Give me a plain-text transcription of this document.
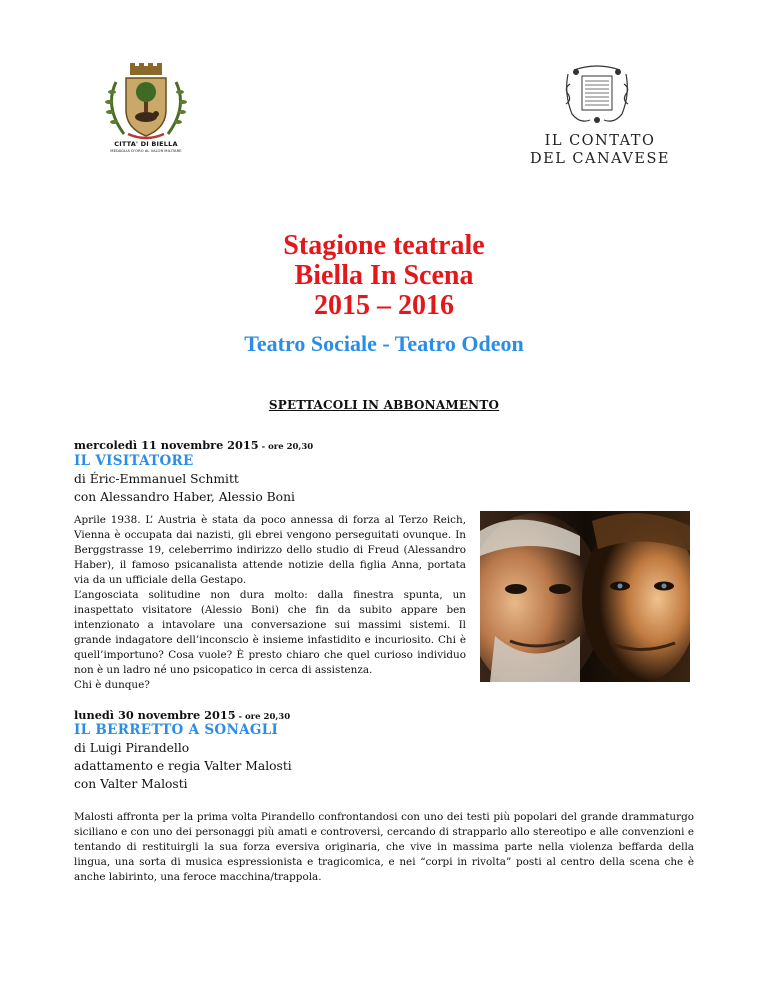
CITTA' DI BIELLA
MEDAGLIA D'ORO AL VALOR MILITARE
IL CONTATO
DEL CANAVESE
Stagione teatrale
Biella In Scena
2015 – 2016
Teatro Sociale - Teatro Odeon
SPETTACOLI IN ABBONAMENTO
mercoledì 11 novembre 2015 - ore 20,30
IL VISITATORE
di Éric-Emmanuel Schmitt
con Alessandro Haber, Alessio Boni
Aprile 1938. L’ Austria è stata da poco annessa di forza al Terzo Reich, Vienna è occupata dai nazisti, gli ebrei vengono perseguitati ovunque. In Berggstrasse 19, celeberrimo indirizzo dello studio di Freud (Alessandro Haber), il famoso psicanalista attende notizie della figlia Anna, portata via da un ufficiale della Gestapo.
L’angosciata solitudine non dura molto: dalla finestra spunta, un inaspettato visitatore (Alessio Boni) che fin da subito appare ben intenzionato a intavolare una conversazione sui massimi sistemi. Il grande indagatore dell’inconscio è insieme infastidito e incuriosito. Chi è quell’importuno? Cosa vuole? È presto chiaro che quel curioso individuo non è un ladro né uno psicopatico in cerca di assistenza.
Chi è dunque?
lunedì 30 novembre 2015 - ore 20,30
IL BERRETTO A SONAGLI
di Luigi Pirandello
adattamento e regia Valter Malosti
con Valter Malosti
Malosti affronta per la prima volta Pirandello confrontandosi con uno dei testi più popolari del grande drammaturgo siciliano e con uno dei personaggi più amati e controversi, cercando di strapparlo allo stereotipo e alle convenzioni e tentando di restituirgli la sua forza eversiva originaria, che vive in massima parte nella violenza beffarda della lingua, una sorta di musica espressionista e tragicomica, e nei “corpi in rivolta” posti al centro della scena che è anche labirinto, una feroce macchina/trappola.
